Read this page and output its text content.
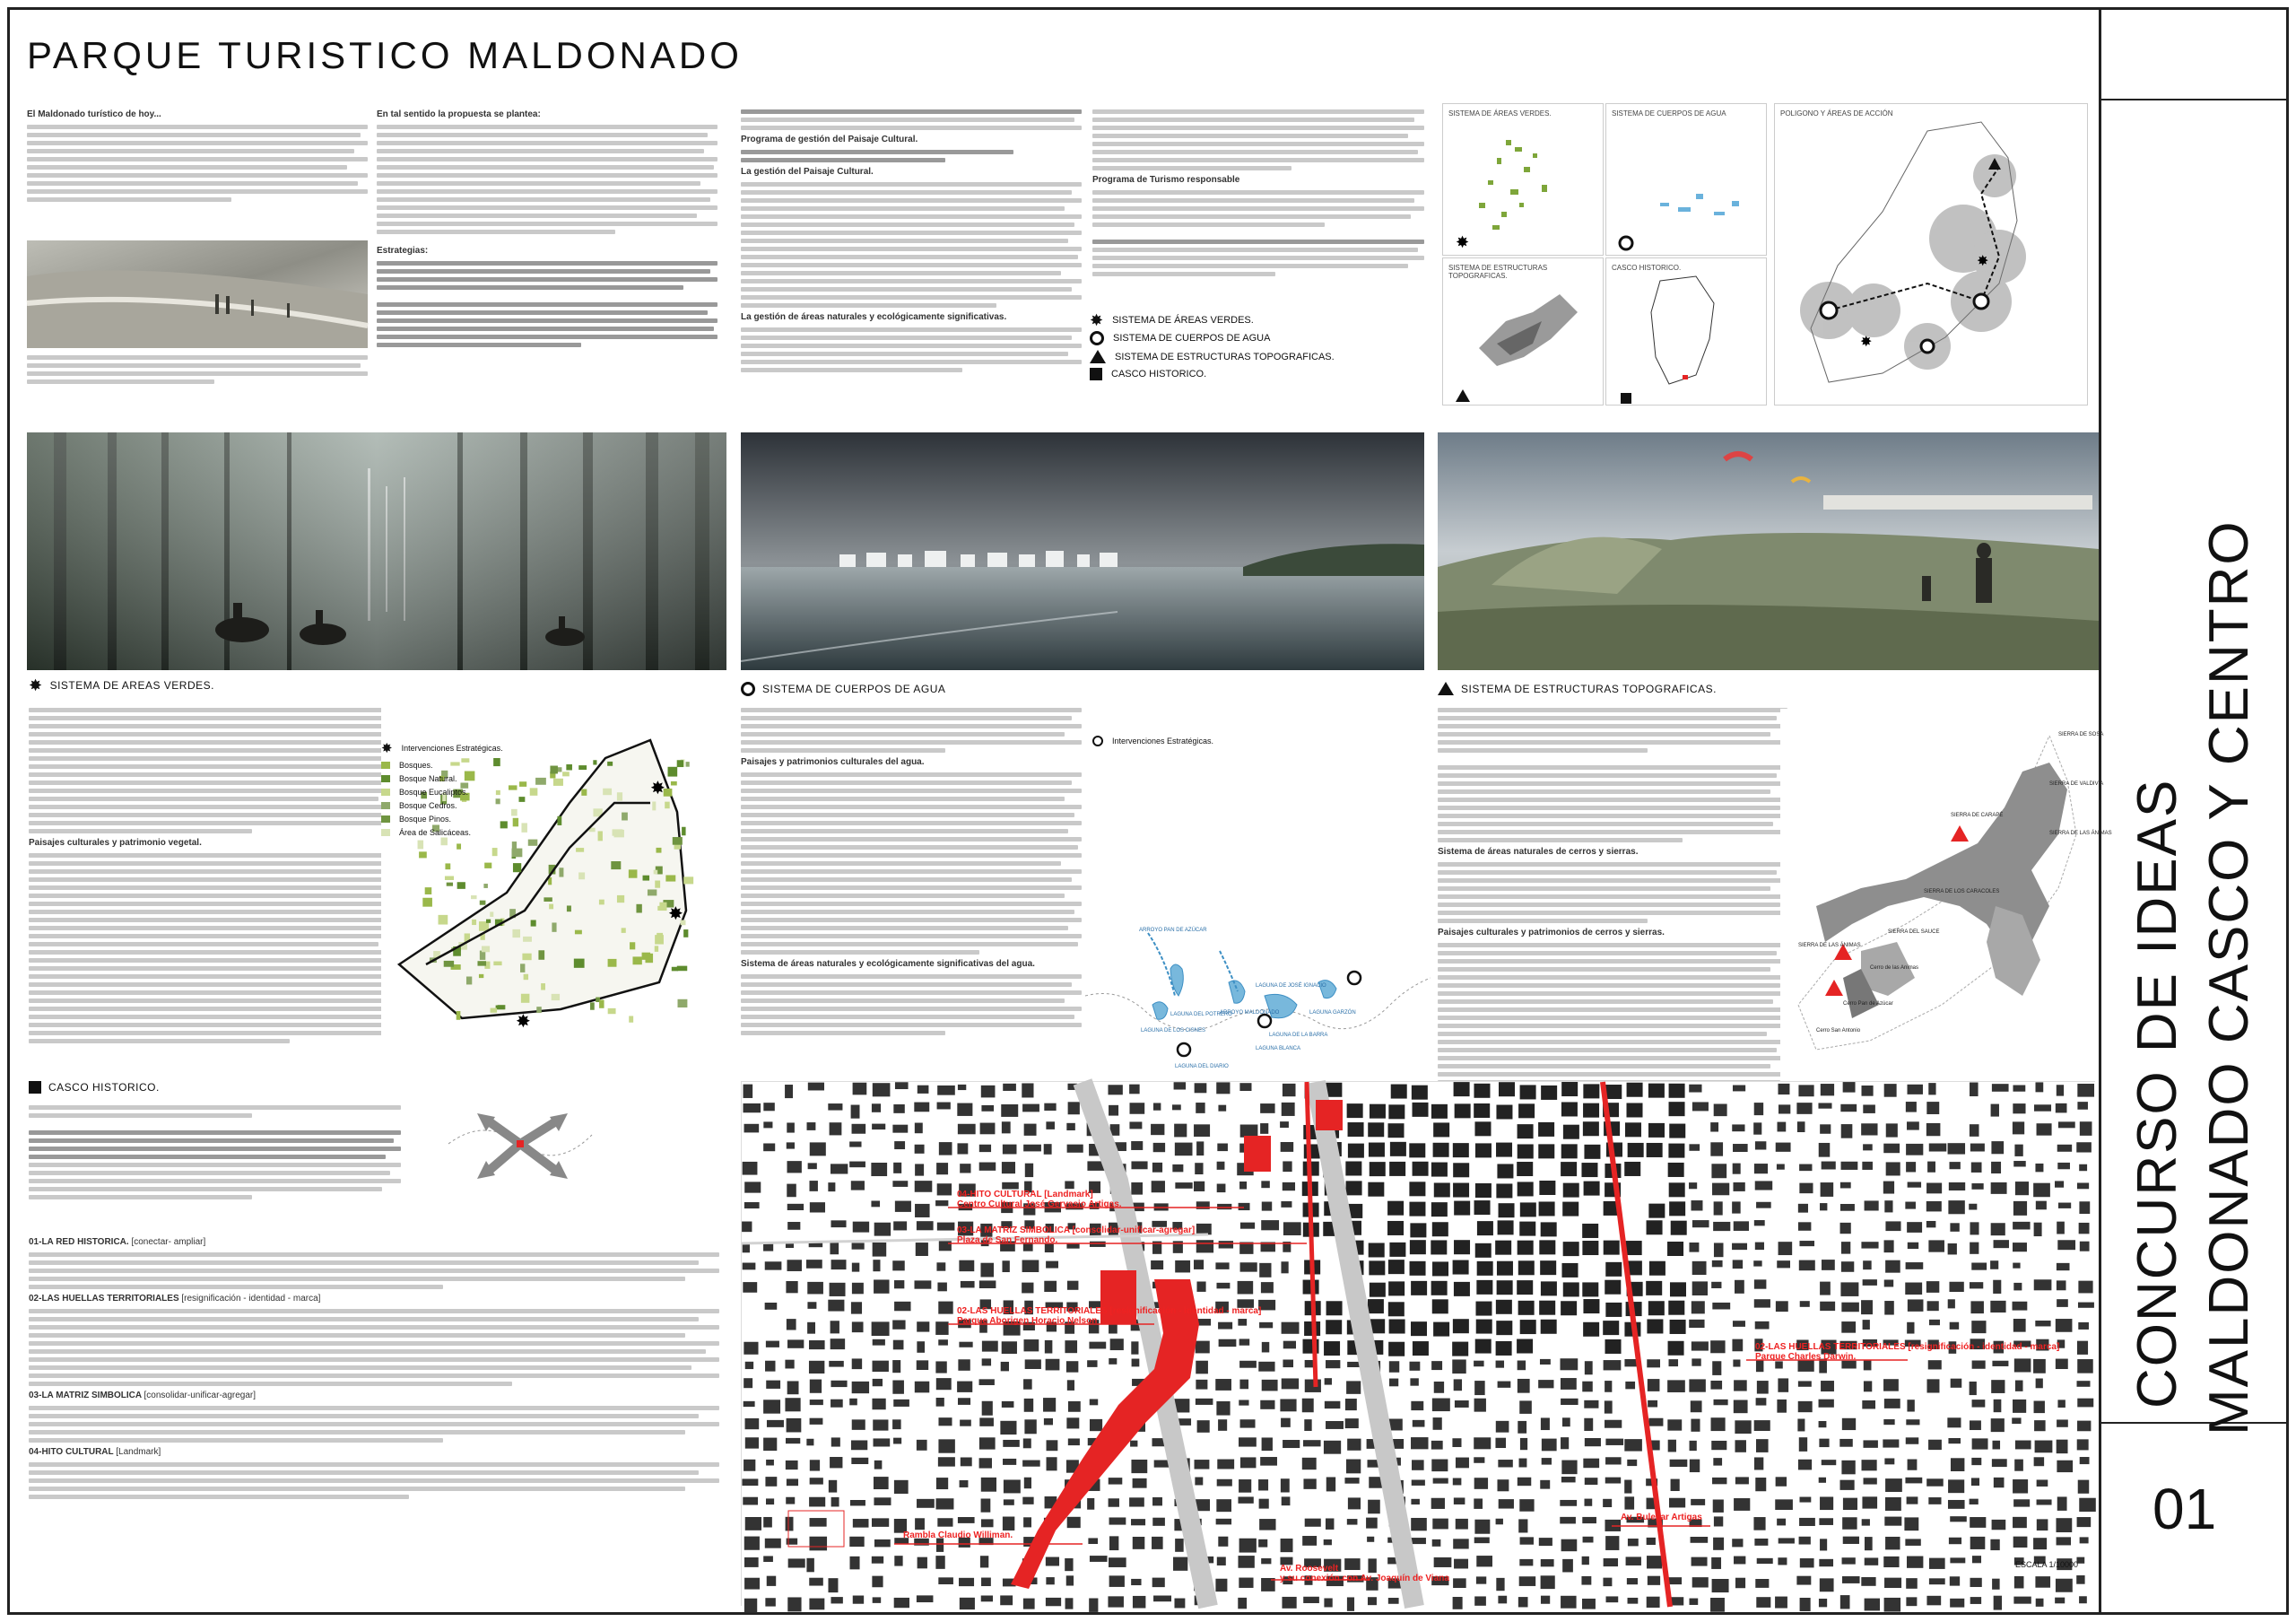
PARQUE TURISTICO MALDONADO
CONCURSO DE IDEAS MALDONADO CASCO Y CENTRO
01
El Maldonado turístico de hoy...	En tal sentido la propuesta se plantea:
Estrategias:
Programa de gestión del Paisaje Cultural.
La gestión del Paisaje Cultural.
La gestión de áreas naturales y ecológicamente significativas.
Programa de Turismo responsable
✸ SISTEMA DE ÁREAS VERDES.
SISTEMA DE CUERPOS DE AGUA
SISTEMA DE ESTRUCTURAS TOPOGRAFICAS.
CASCO HISTORICO.
SISTEMA DE ÁREAS VERDES.
✸
SISTEMA DE CUERPOS DE AGUA
SISTEMA DE ESTRUCTURAS TOPOGRAFICAS.
CASCO HISTORICO.
POLIGONO Y ÁREAS DE ACCIÓN
✸
✸
✸ SISTEMA DE AREAS VERDES.	SISTEMA DE CUERPOS DE AGUA	SISTEMA DE ESTRUCTURAS TOPOGRAFICAS.
Paisajes culturales y patrimonio vegetal.
✸
✸
✸
✸ Intervenciones Estratégicas.
Bosques.
Bosque Natural.
Bosque Eucaliptos.
Bosque Cedros.
Bosque Pinos.
Área de Salicáceas.
CASCO HISTORICO.
01-LA RED HISTORICA. [conectar- ampliar]
02-LAS HUELLAS TERRITORIALES [resignificación - identidad - marca]
03-LA MATRIZ SIMBOLICA [consolidar-unificar-agregar]
04-HITO CULTURAL [Landmark]
Paisajes y patrimonios culturales del agua.
Sistema de áreas naturales y ecológicamente significativas del agua.
Intervenciones Estratégicas.
ARROYO PAN DE AZÚCAR
LAGUNA DEL POTRERO
LAGUNA DE LOS CISNES
ARROYO MALDONADO
LAGUNA DEL DIARIO
LAGUNA DE JOSÉ IGNACIO
LAGUNA DE LA BARRA
LAGUNA BLANCA
LAGUNA GARZÓN
Sistema de áreas naturales de cerros y sierras.
Paisajes culturales y patrimonios de cerros y sierras.
SIERRA DE SOSA
SIERRA DE VALDIVIA
SIERRA DE LAS ÁNIMAS
SIERRA DE CARAPÉ
SIERRA DE LOS CARACOLES
SIERRA DEL SAUCE
SIERRA DE LAS ÁNIMAS
Cerro Pan de Azúcar
Cerro San Antonio
Cerro de las Animas
04-HITO CULTURAL [Landmark]
Centro Cultural José Gervasio Artigas.
03-LA MATRIZ SIMBOLICA [consolidar-unificar-agregar]
Plaza de San Fernando.
02-LAS HUELLAS TERRITORIALES [resignificación - identidad - marca]
Parque Aborigen Horacio Nelson
02-LAS HUELLAS TERRITORIALES [resignificación - identidad - marca]
Parque Charles Darwin.
Rambla Claudio Williman.
Av. Bulevar Artigas
Av. Roosevelt
y su conexión con Av. Joaquín de Viana
ESCALA 1/10000
